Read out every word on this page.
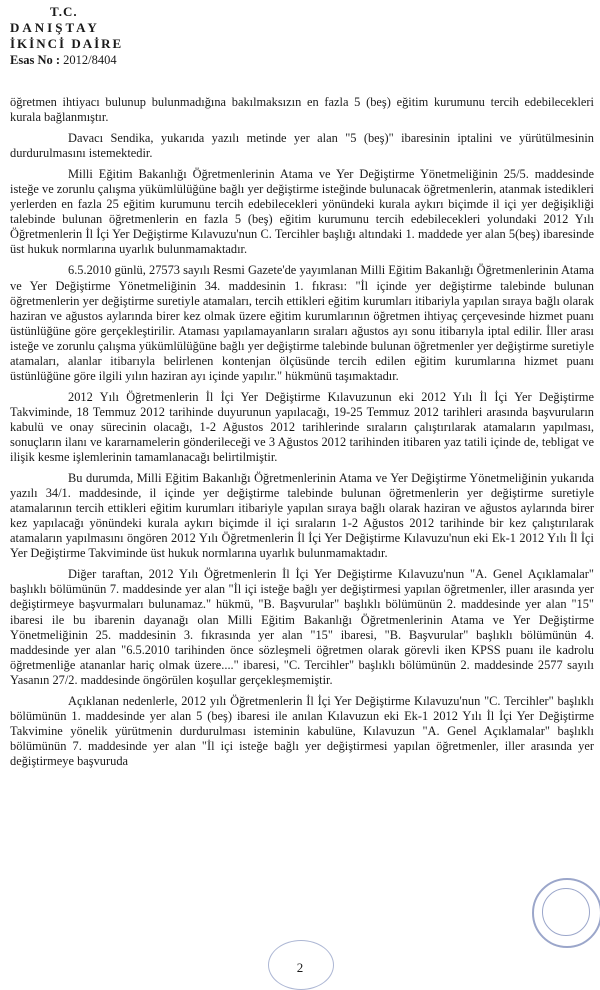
T.C.
DANIŞTAY
İKİNCİ DAİRE
Esas No : 2012/8404

öğretmen ihtiyacı bulunup bulunmadığına bakılmaksızın en fazla 5 (beş) eğitim kurumunu tercih edebilecekleri kurala bağlanmıştır.

Davacı Sendika, yukarıda yazılı metinde yer alan "5 (beş)" ibaresinin iptalini ve yürütülmesinin durdurulmasını istemektedir.

Milli Eğitim Bakanlığı Öğretmenlerinin Atama ve Yer Değiştirme Yönetmeliğinin 25/5. maddesinde isteğe ve zorunlu çalışma yükümlülüğüne bağlı yer değiştirme isteğinde bulunacak öğretmenlerin, atanmak istedikleri yerlerden en fazla 25 eğitim kurumunu tercih edebilecekleri yönündeki kurala aykırı biçimde il içi yer değişikliği talebinde bulunan öğretmenlerin en fazla 5 (beş) eğitim kurumunu tercih edebilecekleri yolundaki 2012 Yılı Öğretmenlerin İl İçi Yer Değiştirme Kılavuzu'nun C. Tercihler başlığı altındaki 1. maddede yer alan 5(beş) ibaresinde üst hukuk normlarına uyarlık bulunmamaktadır.

6.5.2010 günlü, 27573 sayılı Resmi Gazete'de yayımlanan Milli Eğitim Bakanlığı Öğretmenlerinin Atama ve Yer Değiştirme Yönetmeliğinin 34. maddesinin 1. fıkrası: "İl içinde yer değiştirme talebinde bulunan öğretmenlerin yer değiştirme suretiyle atamaları, tercih ettikleri eğitim kurumları itibariyla yapılan sıraya bağlı olarak haziran ve ağustos aylarında birer kez olmak üzere eğitim kurumlarının öğretmen ihtiyaç çerçevesinde hizmet puanı üstünlüğüne göre gerçekleştirilir. Ataması yapılamayanların sıraları ağustos ayı sonu itibarıyla iptal edilir. İller arası isteğe ve zorunlu çalışma yükümlülüğüne bağlı yer değiştirme talebinde bulunan öğretmenler yer değiştirme suretiyle atamaları, alanlar itibarıyla belirlenen kontenjan ölçüsünde tercih edilen eğitim kurumlarına hizmet puanı üstünlüğüne göre ilgili yılın haziran ayı içinde yapılır." hükmünü taşımaktadır.

2012 Yılı Öğretmenlerin İl İçi Yer Değiştirme Kılavuzunun eki 2012 Yılı İl İçi Yer Değiştirme Takviminde, 18 Temmuz 2012 tarihinde duyurunun yapılacağı, 19-25 Temmuz 2012 tarihleri arasında başvuruların kabulü ve onay sürecinin olacağı, 1-2 Ağustos 2012 tarihlerinde sıraların çalıştırılarak atamaların yapılması, sonuçların ilanı ve kararnamelerin gönderileceği ve 3 Ağustos 2012 tarihinden itibaren yaz tatili içinde de, tebligat ve ilişik kesme işlemlerinin tamamlanacağı belirtilmiştir.

Bu durumda, Milli Eğitim Bakanlığı Öğretmenlerinin Atama ve Yer Değiştirme Yönetmeliğinin yukarıda yazılı 34/1. maddesinde, il içinde yer değiştirme talebinde bulunan öğretmenlerin yer değiştirme suretiyle atamalarının tercih ettikleri eğitim kurumları itibariyle yapılan sıraya bağlı olarak haziran ve ağustos aylarında birer kez yapılacağı yönündeki kurala aykırı biçimde il içi sıraların 1-2 Ağustos 2012 tarihinde bir kez çalıştırılarak atamaların yapılmasını öngören 2012 Yılı Öğretmenlerin İl İçi Yer Değiştirme Kılavuzu'nun eki Ek-1 2012 Yılı İl İçi Yer Değiştirme Takviminde üst hukuk normlarına uyarlık bulunmamaktadır.

Diğer taraftan, 2012 Yılı Öğretmenlerin İl İçi Yer Değiştirme Kılavuzu'nun "A. Genel Açıklamalar" başlıklı bölümünün 7. maddesinde yer alan "İl içi isteğe bağlı yer değiştirmesi yapılan öğretmenler, iller arasında yer değiştirmeye başvurmaları bulunamaz." hükmü, "B. Başvurular" başlıklı bölümünün 2. maddesinde yer alan "15" ibaresi ile bu ibarenin dayanağı olan Milli Eğitim Bakanlığı Öğretmenlerinin Atama ve Yer Değiştirme Yönetmeliğinin 25. maddesinin 3. fıkrasında yer alan "15" ibaresi, "B. Başvurular" başlıklı bölümünün 4. maddesinde yer alan "6.5.2010 tarihinden önce sözleşmeli öğretmen olarak görevli iken KPSS puanı ile kadrolu öğretmenliğe atananlar hariç olmak üzere...." ibaresi, "C. Tercihler" başlıklı bölümünün 2. maddesinde 2577 sayılı Yasanın 27/2. maddesinde öngörülen koşullar gerçekleşmemiştir.

Açıklanan nedenlerle, 2012 yılı Öğretmenlerin İl İçi Yer Değiştirme Kılavuzu'nun "C. Tercihler" başlıklı bölümünün 1. maddesinde yer alan 5 (beş) ibaresi ile anılan Kılavuzun eki Ek-1 2012 Yılı İl İçi Yer Değiştirme Takvimine yönelik yürütmenin durdurulması isteminin kabulüne, Kılavuzun "A. Genel Açıklamalar" başlıklı bölümünün 7. maddesinde yer alan "İl içi isteğe bağlı yer değiştirmesi yapılan öğretmenler, iller arasında yer değiştirmeye başvuruda

2
